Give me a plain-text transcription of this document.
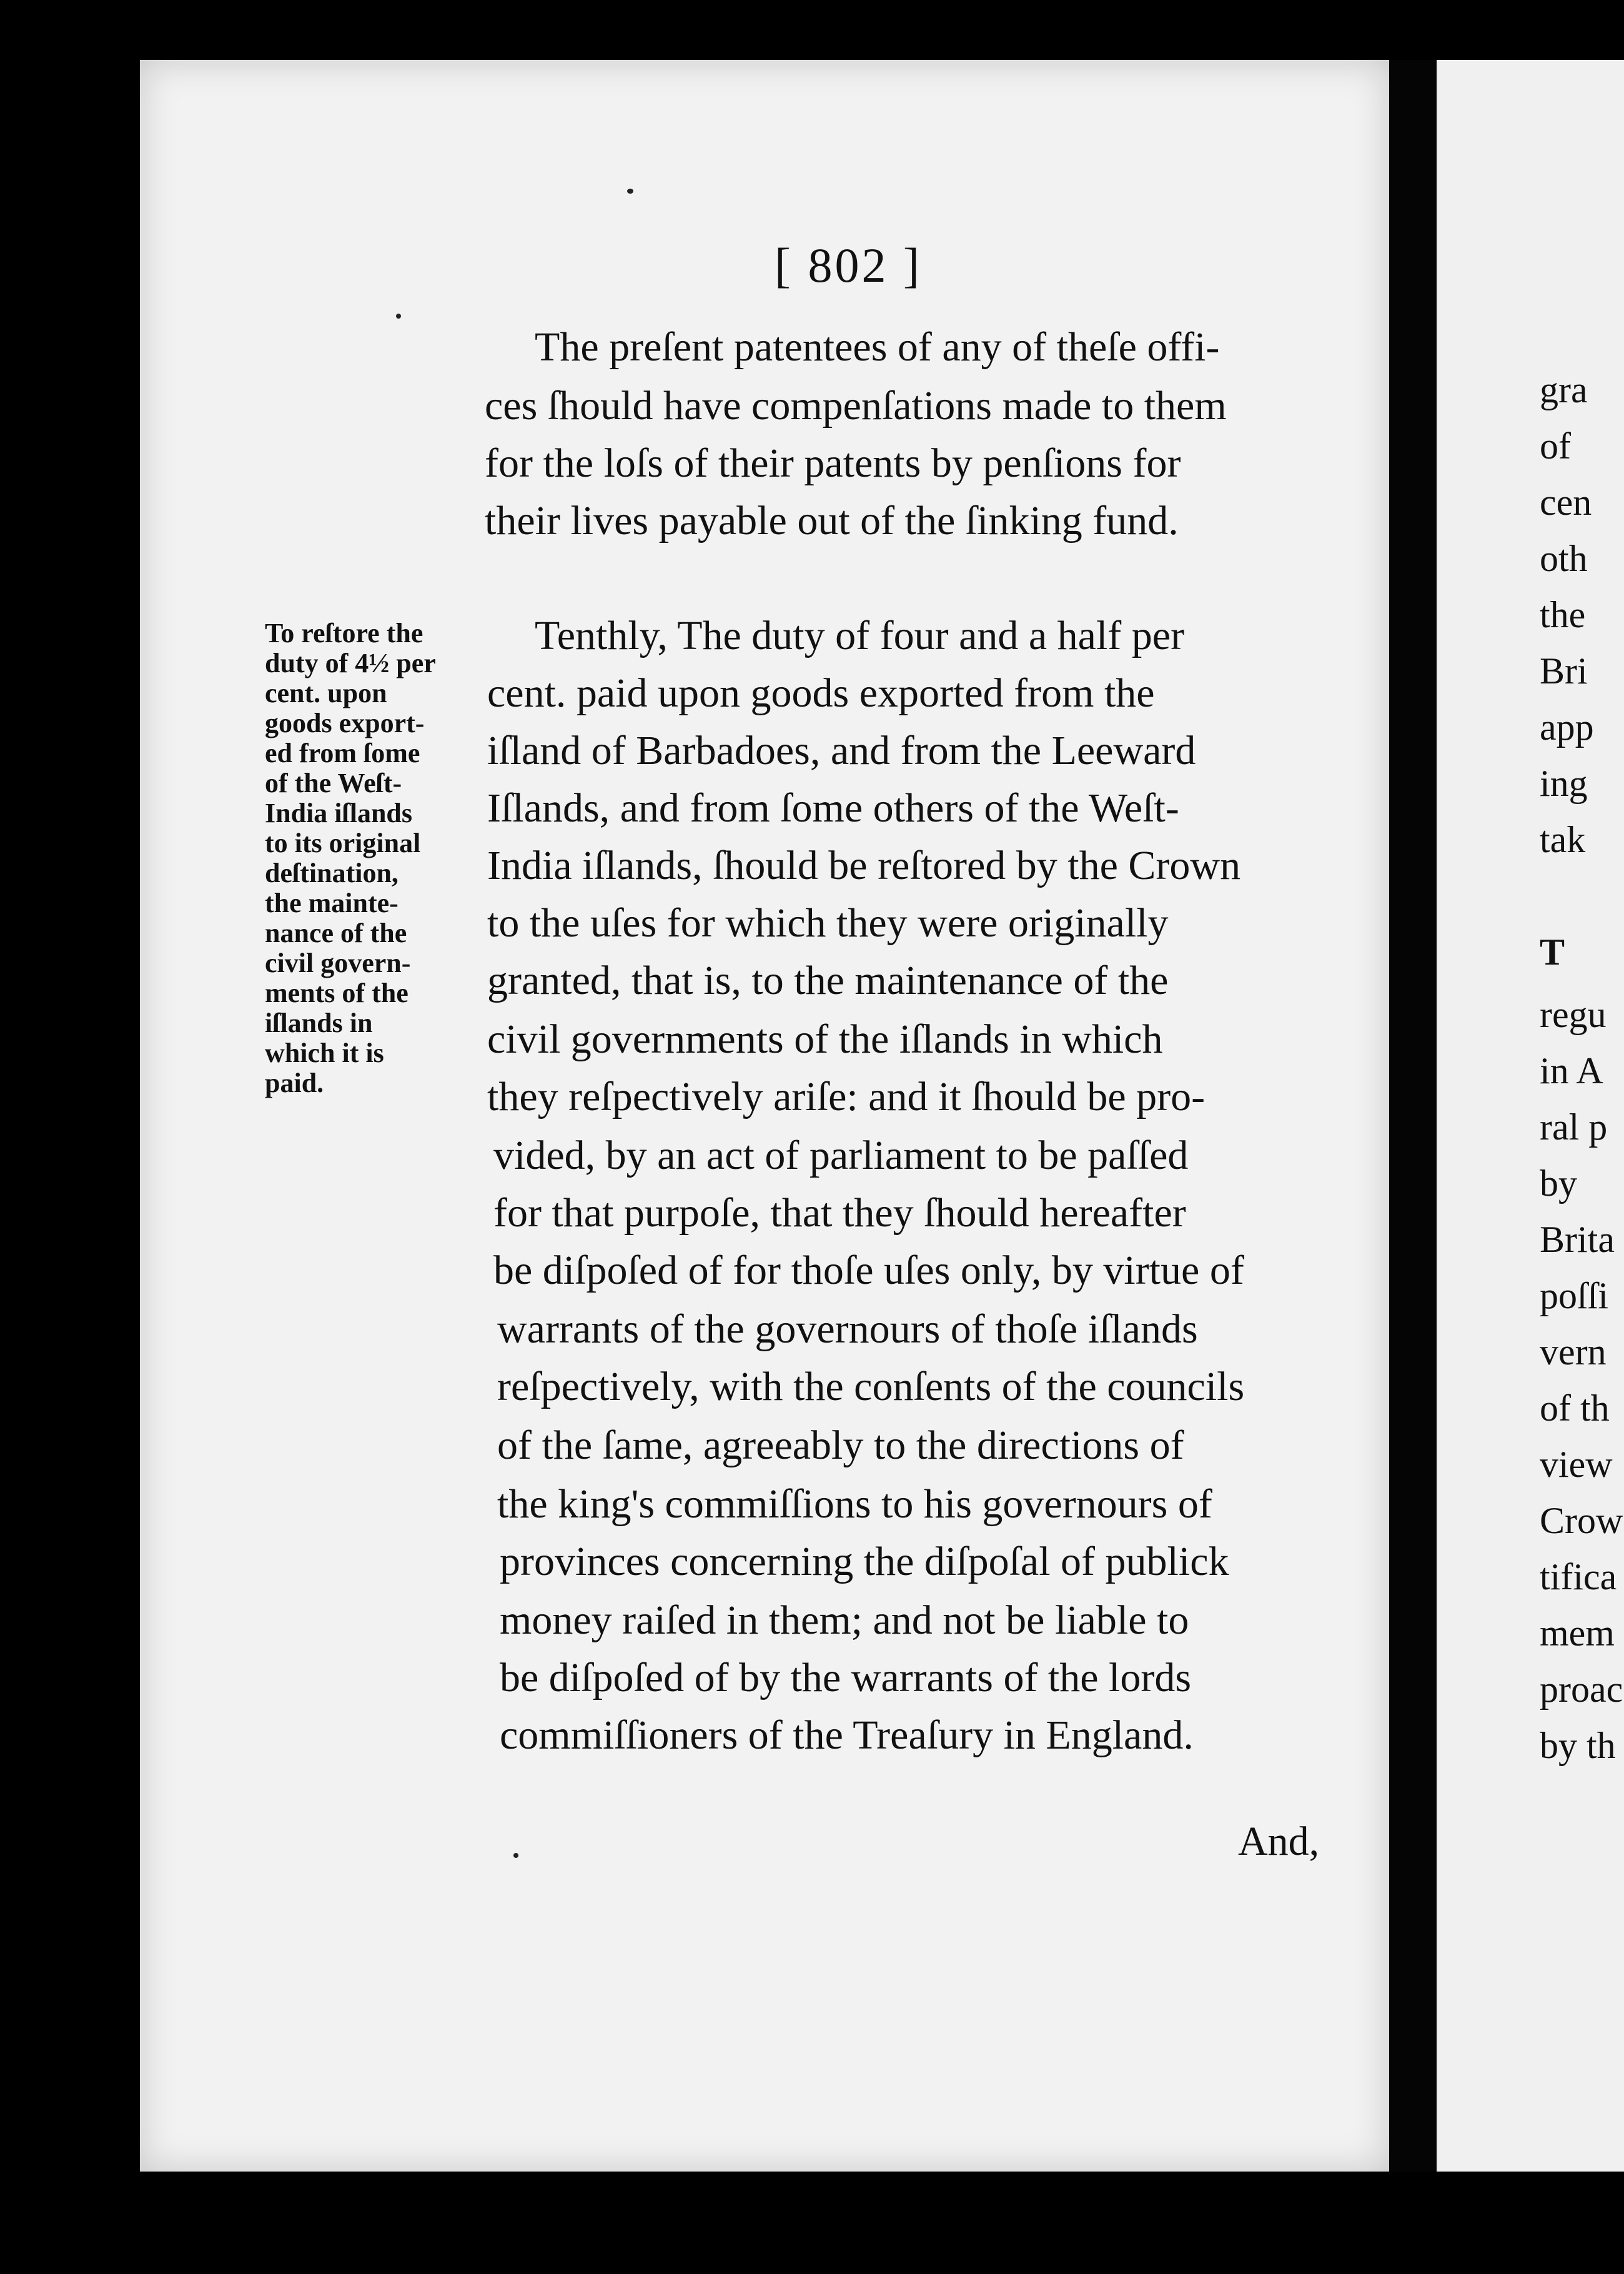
[ 802 ]
The preſent patentees of any of theſe offi-
ces ſhould have compenſations made to them
for the loſs of their patents by penſions for
their lives payable out of the ſinking fund.
To reſtore the
duty of 4½ per
cent. upon
goods export-
ed from ſome
of the Weſt-
India iſlands
to its original
deſtination,
the mainte-
nance of the
civil govern-
ments of the
iſlands in
which it is
paid.
Tenthly, The duty of four and a half per
cent. paid upon goods exported from the
iſland of Barbadoes, and from the Leeward
Iſlands, and from ſome others of the Weſt-
India iſlands, ſhould be reſtored by the Crown
to the uſes for which they were originally
granted, that is, to the maintenance of the
civil governments of the iſlands in which
they reſpectively ariſe: and it ſhould be pro-
vided, by an act of parliament to be paſſed
for that purpoſe, that they ſhould hereafter
be diſpoſed of for thoſe uſes only, by virtue of
warrants of the governours of thoſe iſlands
reſpectively, with the conſents of the councils
of the ſame, agreeably to the directions of
the king's commiſſions to his governours of
provinces concerning the diſpoſal of publick
money raiſed in them; and not be liable to
be diſpoſed of by the warrants of the lords
commiſſioners of the Treaſury in England.
And,
gra
of
cen
oth
the
Bri
app
ing
tak
T
regu
in A
ral p
by
Brita
poſſi
vern
of th
view
Crow
tifica
mem
proac
by th
